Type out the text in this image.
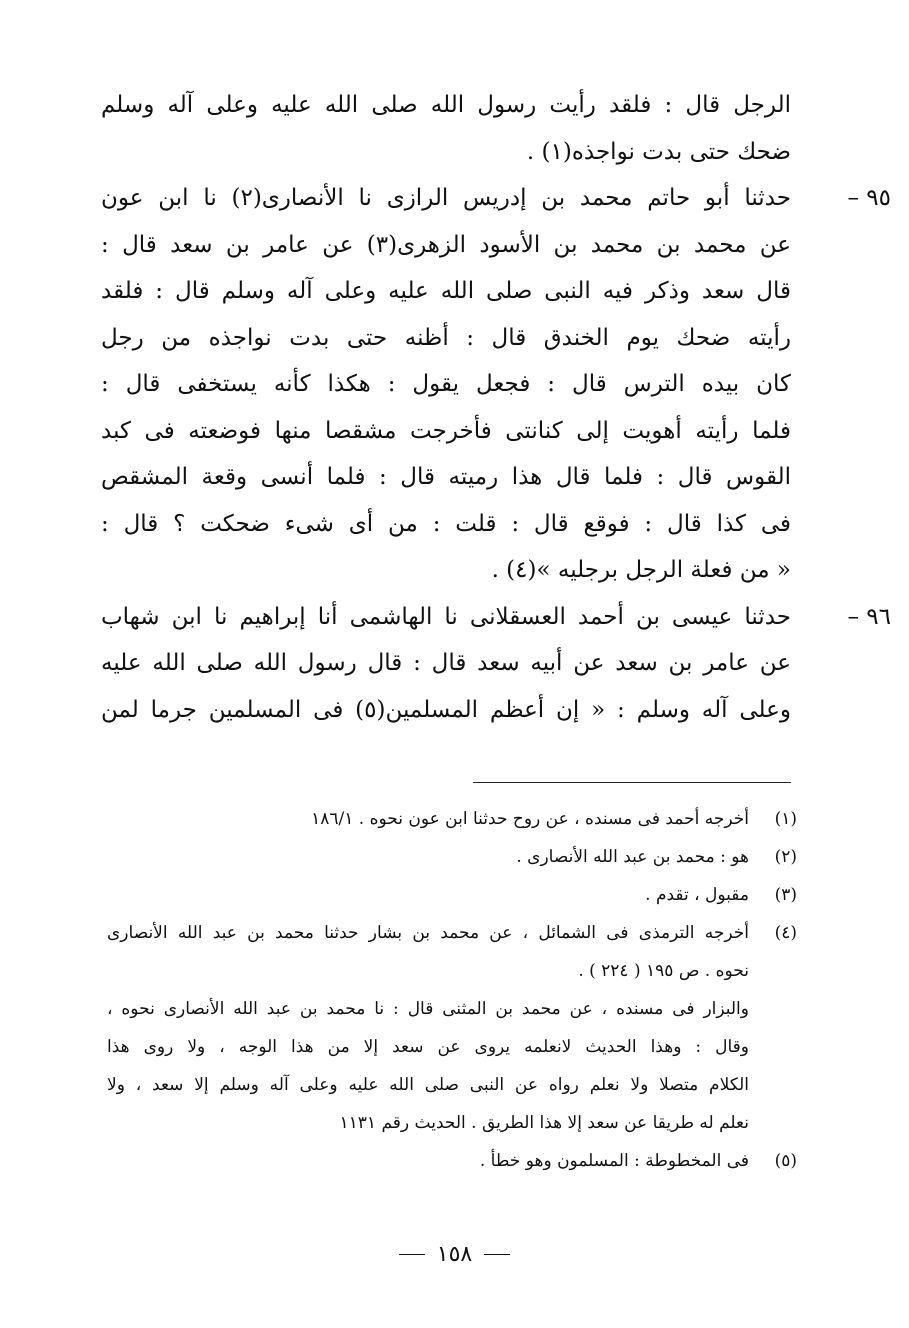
الرجل قال : فلقد رأيت رسول الله صلى الله عليه وعلى آله وسلم
ضحك حتى بدت نواجذه(١) .
٩٥ –
حدثنا أبو حاتم محمد بن إدريس الرازى نا الأنصارى(٢) نا ابن عون
عن محمد بن محمد بن الأسود الزهرى(٣) عن عامر بن سعد قال :
قال سعد وذكر فيه النبى صلى الله عليه وعلى آله وسلم قال : فلقد
رأيته ضحك يوم الخندق قال : أظنه حتى بدت نواجذه من رجل
كان بيده الترس قال : فجعل يقول : هكذا كأنه يستخفى قال :
فلما رأيته أهويت إلى كنانتى فأخرجت مشقصا منها فوضعته فى كبد
القوس قال : فلما قال هذا رميته قال : فلما أنسى وقعة المشقص
فى كذا قال : فوقع قال : قلت : من أى شىء ضحكت ؟ قال :
« من فعلة الرجل برجليه »(٤) .
٩٦ –
حدثنا عيسى بن أحمد العسقلانى نا الهاشمى أنا إبراهيم نا ابن شهاب
عن عامر بن سعد عن أبيه سعد قال : قال رسول الله صلى الله عليه
وعلى آله وسلم : « إن أعظم المسلمين(٥) فى المسلمين جرما لمن
(١)
أخرجه أحمد فى مسنده ، عن روح حدثنا ابن عون نحوه . ١٨٦/١
(٢)
هو : محمد بن عبد الله الأنصارى .
(٣)
مقبول ، تقدم .
(٤)
أخرجه الترمذى فى الشمائل ، عن محمد بن بشار حدثنا محمد بن عبد الله الأنصارى
نحوه . ص ١٩٥ ( ٢٢٤ ) .
والبزار فى مسنده ، عن محمد بن المثنى قال : نا محمد بن عبد الله الأنصارى نحوه ،
وقال : وهذا الحديث لانعلمه يروى عن سعد إلا من هذا الوجه ، ولا روى هذا
الكلام متصلا ولا نعلم رواه عن النبى صلى الله عليه وعلى آله وسلم إلا سعد ، ولا
نعلم له طريقا عن سعد إلا هذا الطريق . الحديث رقم ١١٣١
(٥)
فى المخطوطة : المسلمون وهو خطأ .
١٥٨
